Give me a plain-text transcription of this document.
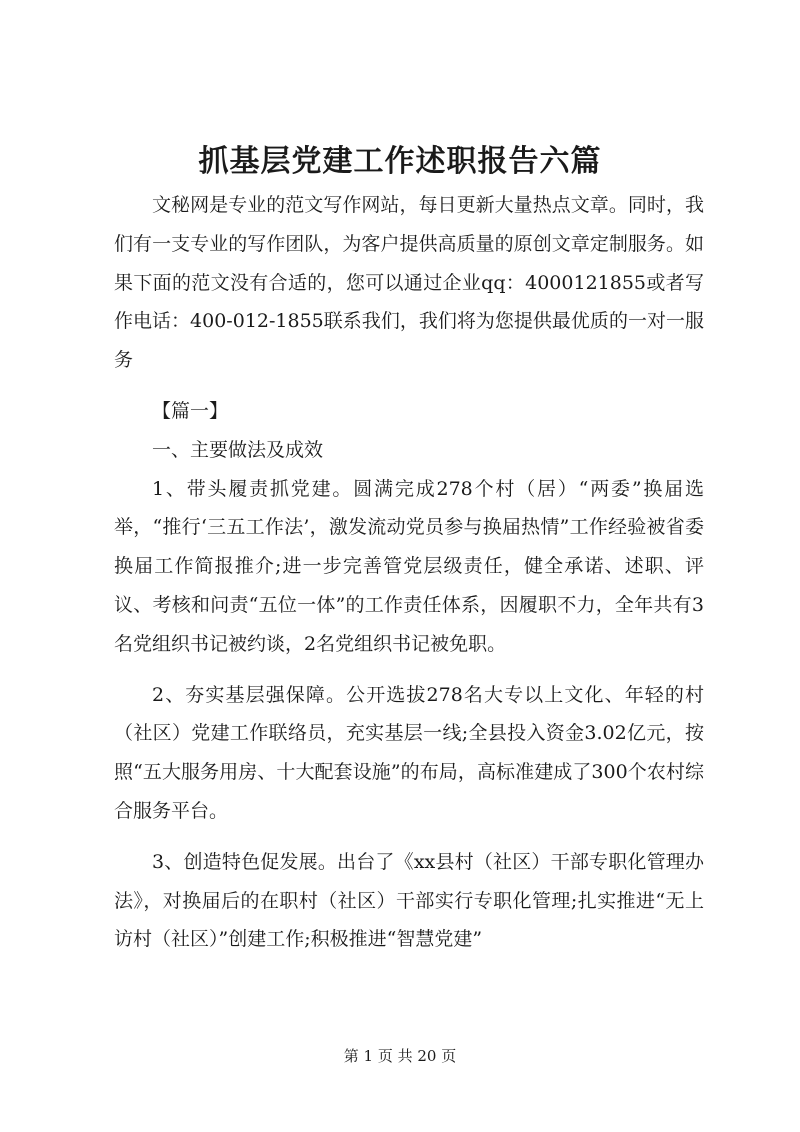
抓基层党建工作述职报告六篇

文秘网是专业的范文写作网站，每日更新大量热点文章。同时，我们有一支专业的写作团队，为客户提供高质量的原创文章定制服务。如果下面的范文没有合适的，您可以通过企业qq：4000121855或者写作电话：400-012-1855联系我们，我们将为您提供最优质的一对一服务

【篇一】

一、主要做法及成效

1、带头履责抓党建。圆满完成278个村（居）“两委”换届选举，“推行‘三五工作法’，激发流动党员参与换届热情”工作经验被省委换届工作简报推介;进一步完善管党层级责任，健全承诺、述职、评议、考核和问责“五位一体”的工作责任体系，因履职不力，全年共有3名党组织书记被约谈，2名党组织书记被免职。

2、夯实基层强保障。公开选拔278名大专以上文化、年轻的村（社区）党建工作联络员，充实基层一线;全县投入资金3.02亿元，按照“五大服务用房、十大配套设施”的布局，高标准建成了300个农村综合服务平台。

3、创造特色促发展。出台了《xx县村（社区）干部专职化管理办法》，对换届后的在职村（社区）干部实行专职化管理;扎实推进“无上访村（社区）”创建工作;积极推进“智慧党建”

第 1 页 共 20 页
